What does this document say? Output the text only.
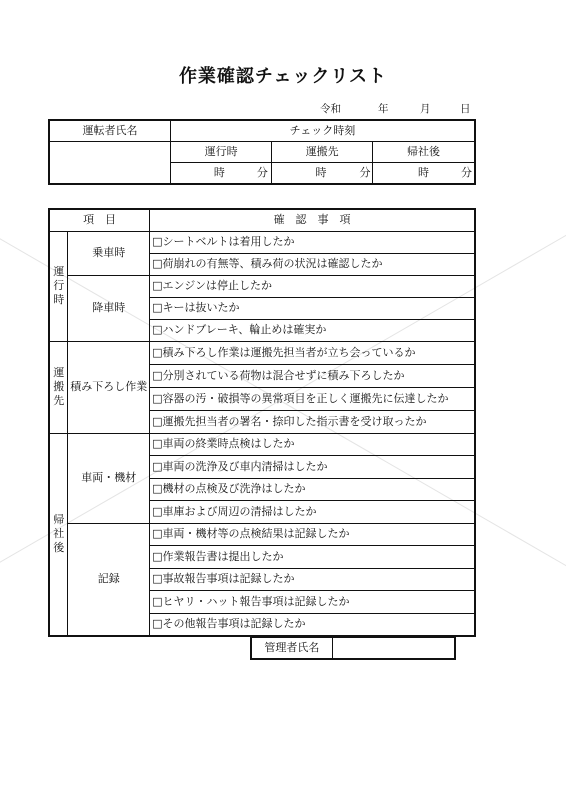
作業確認チェックリスト
令和	年	月	日
運転者氏名	チェック時刻		
	運行時	運搬先	帰社後

	時 分	時 分	時 分
項　目		確　認　事　項
運
行
時	乗車時	□シートベルトは着用したか
		□荷崩れの有無等、積み荷の状況は確認したか
	降車時	□エンジンは停止したか
		□キーは抜いたか
		□ハンドブレーキ、輪止めは確実か
運
搬
先	積み下ろし作業	□積み下ろし作業は運搬先担当者が立ち会っているか
		□分別されている荷物は混合せずに積み下ろしたか
		□容器の汚・破損等の異常項目を正しく運搬先に伝達したか
		□運搬先担当者の署名・捺印した指示書を受け取ったか
帰
社
後	車両・機材	□車両の終業時点検はしたか
		□車両の洗浄及び車内清掃はしたか
		□機材の点検及び洗浄はしたか
		□車庫および周辺の清掃はしたか
	記録	□車両・機材等の点検結果は記録したか
		□作業報告書は提出したか
		□事故報告事項は記録したか
		□ヒヤリ・ハット報告事項は記録したか
		□その他報告事項は記録したか
管理者氏名	
